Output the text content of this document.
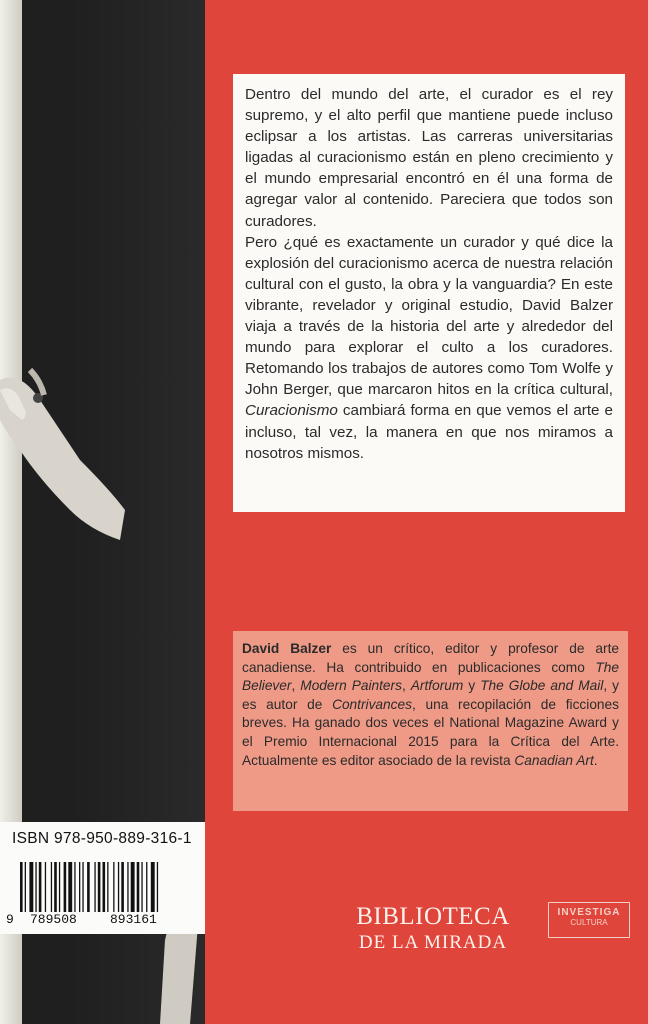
Dentro del mundo del arte, el curador es el rey supremo, y el alto perfil que mantiene puede incluso eclipsar a los artistas. Las carreras universitarias ligadas al curacionismo están en pleno crecimiento y el mundo empresarial encontró en él una forma de agregar valor al contenido. Pareciera que todos son curadores.

Pero ¿qué es exactamente un curador y qué dice la explosión del curacionismo acerca de nuestra relación cultural con el gusto, la obra y la vanguardia? En este vibrante, revelador y original estudio, David Balzer viaja a través de la historia del arte y alrededor del mundo para explorar el culto a los curadores. Retomando los trabajos de autores como Tom Wolfe y John Berger, que marcaron hitos en la crítica cultural, Curacionismo cambiará forma en que vemos el arte e incluso, tal vez, la manera en que nos miramos a nosotros mismos.

David Balzer es un crítico, editor y profesor de arte canadiense. Ha contribuido en publicaciones como The Believer, Modern Painters, Artforum y The Globe and Mail, y es autor de Contrivances, una recopilación de ficciones breves. Ha ganado dos veces el National Magazine Award y el Premio Internacional 2015 para la Crítica del Arte. Actualmente es editor asociado de la revista Canadian Art.

BIBLIOTECA
DE LA MIRADA
INVESTIGA
CULTURA
ISBN 978-950-889-316-1
9 789508	893161
